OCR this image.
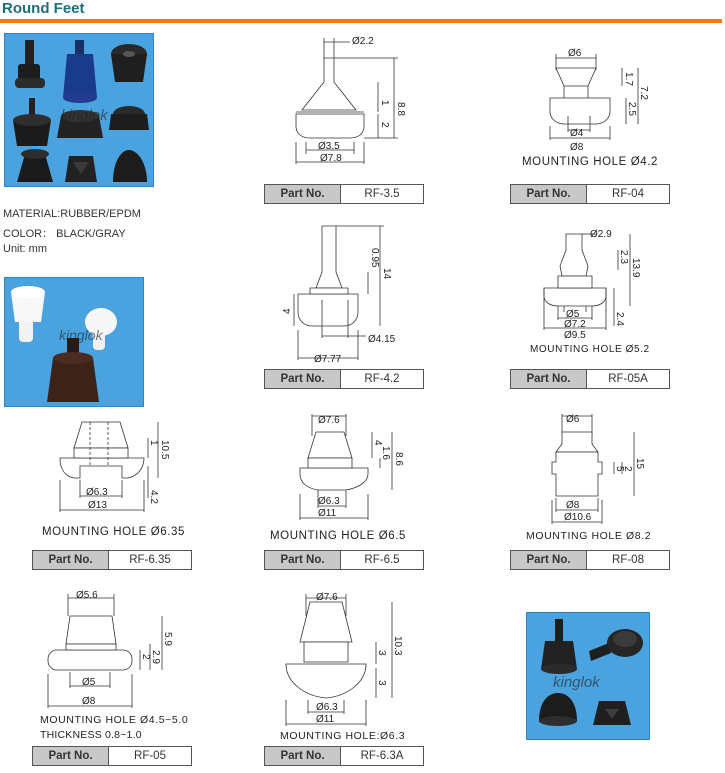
Round Feet
kinglok
MATERIAL:RUBBER/EPDM
COLOR： BLACK/GRAY
Unit: mm
kinglok
kinglok
Ø2.2
8.8
1
2
Ø3.5
Ø7.8
Part No.	RF-3.5
Ø6
1.7
7.2
2.5
Ø4
Ø8
MOUNTING HOLE Ø4.2
Part No.	RF-04
0.95
14
4
Ø4.15
Ø7.77
Part No.	RF-4.2
Ø2.9
2.3
13.9
2.4
Ø5
Ø7.2
Ø9.5
MOUNTING HOLE Ø5.2
Part No.	RF-05A
1 10.5
4.2
Ø6.3
Ø13
MOUNTING HOLE Ø6.35
Part No.	RF-6.35
Ø7.6
4
1.6 8.6
Ø6.3
Ø11
MOUNTING HOLE Ø6.5
Part No.	RF-6.5
Ø6
5
2 15
Ø8
Ø10.6
MOUNTING HOLE Ø8.2
Part No.	RF-08
Ø5.6
2 2.9
5.9
Ø5
Ø8
MOUNTING HOLE Ø4.5~5.0
THICKNESS 0.8~1.0
Part No.	RF-05
Ø7.6
3 10.3
3
Ø6.3
Ø11
MOUNTING HOLE:Ø6.3
Part No.	RF-6.3A
